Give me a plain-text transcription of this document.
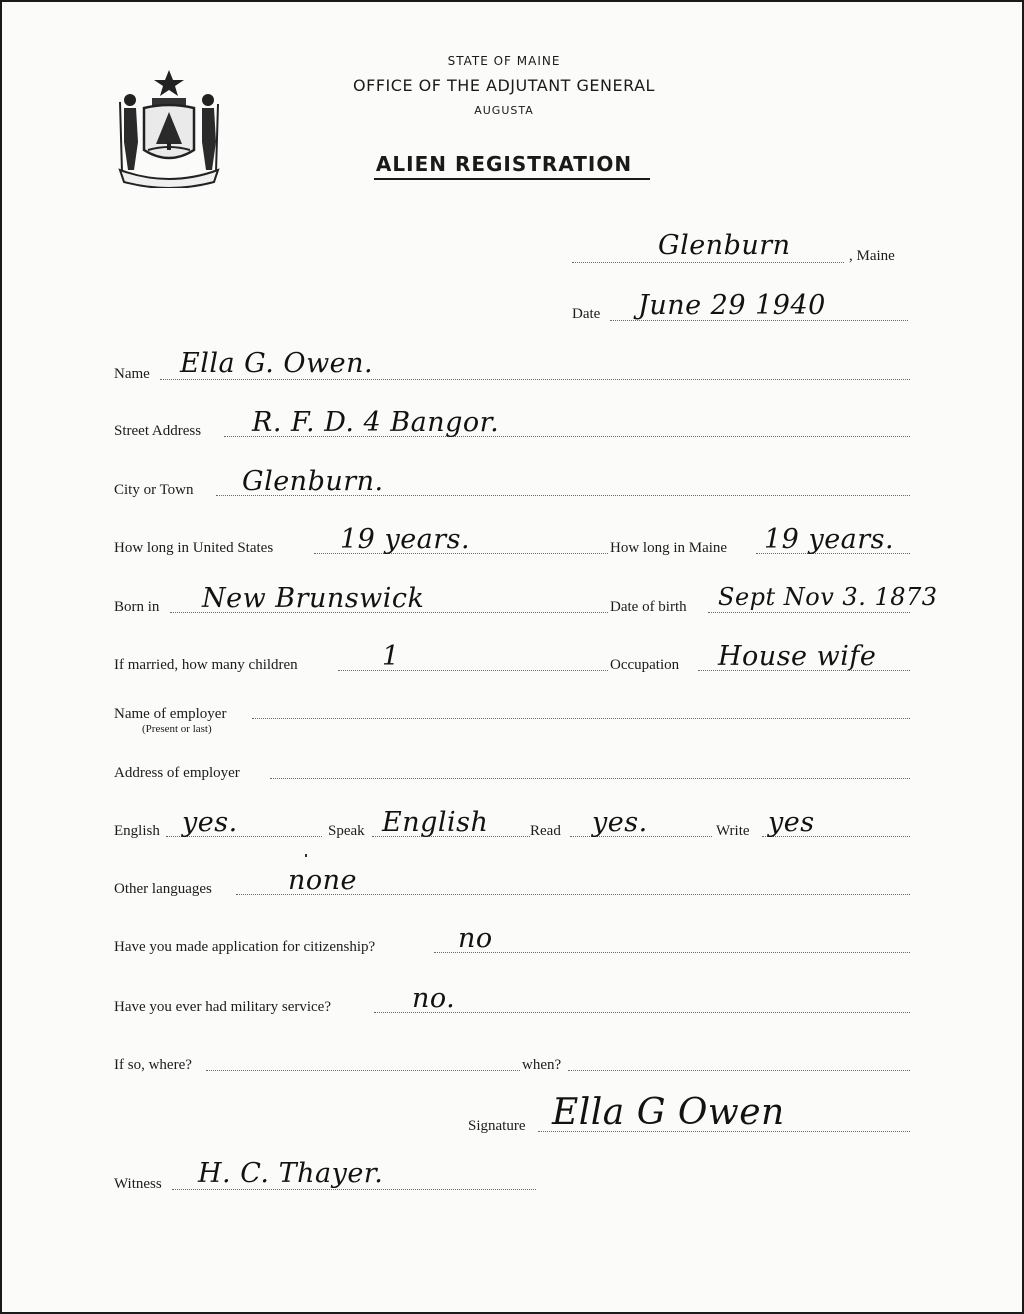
STATE OF MAINE
OFFICE OF THE ADJUTANT GENERAL
AUGUSTA
ALIEN REGISTRATION
Glenburn	, Maine
Date June 29 1940
Name Ella G. Owen.
Street Address R. F. D. 4 Bangor.
City or Town Glenburn.
How long in United States 19 years.	How long in Maine 19 years.
Born in New Brunswick	Date of birth Sept Nov 3. 1873
If married, how many children	1	Occupation House wife
Name of employer
(Present or last)
Address of employer
English yes.	Speak English	Read yes.	Write yes
Other languages	none
Have you made application for citizenship?	no
Have you ever had military service?	no.
If so, where?	when?
Signature Ella G Owen
Witness H. C. Thayer.
